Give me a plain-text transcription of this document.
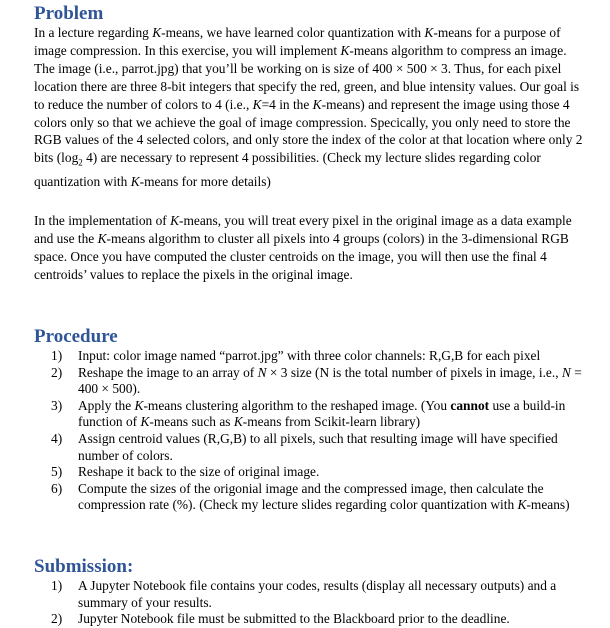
Problem

In a lecture regarding K-means, we have learned color quantization with K-means for a purpose of image compression. In this exercise, you will implement K-means algorithm to compress an image. The image (i.e., parrot.jpg) that you’ll be working on is size of 400 × 500 × 3. Thus, for each pixel location there are three 8-bit integers that specify the red, green, and blue intensity values. Our goal is to reduce the number of colors to 4 (i.e., K=4 in the K-means) and represent the image using those 4 colors only so that we achieve the goal of image compression. Specically, you only need to store the RGB values of the 4 selected colors, and only store the index of the color at that location where only 2 bits ($\log_2$ 4) are necessary to represent 4 possibilities. (Check my lecture slides regarding color quantization with K-means for more details)

In the implementation of K-means, you will treat every pixel in the original image as a data example and use the K-means algorithm to cluster all pixels into 4 groups (colors) in the 3-dimensional RGB space. Once you have computed the cluster centroids on the image, you will then use the final 4 centroids’ values to replace the pixels in the original image.

Procedure
1) Input: color image named “parrot.jpg” with three color channels: R,G,B for each pixel
2) Reshape the image to an array of N × 3 size (N is the total number of pixels in image, i.e., N = 400 × 500).
3) Apply the K-means clustering algorithm to the reshaped image. (You cannot use a build-in function of K-means such as K-means from Scikit-learn library)
4) Assign centroid values (R,G,B) to all pixels, such that resulting image will have specified number of colors.
5) Reshape it back to the size of original image.
6) Compute the sizes of the origonial image and the compressed image, then calculate the compression rate (%). (Check my lecture slides regarding color quantization with K-means)
Submission:
1) A Jupyter Notebook file contains your codes, results (display all necessary outputs) and a summary of your results.
2) Jupyter Notebook file must be submitted to the Blackboard prior to the deadline.
